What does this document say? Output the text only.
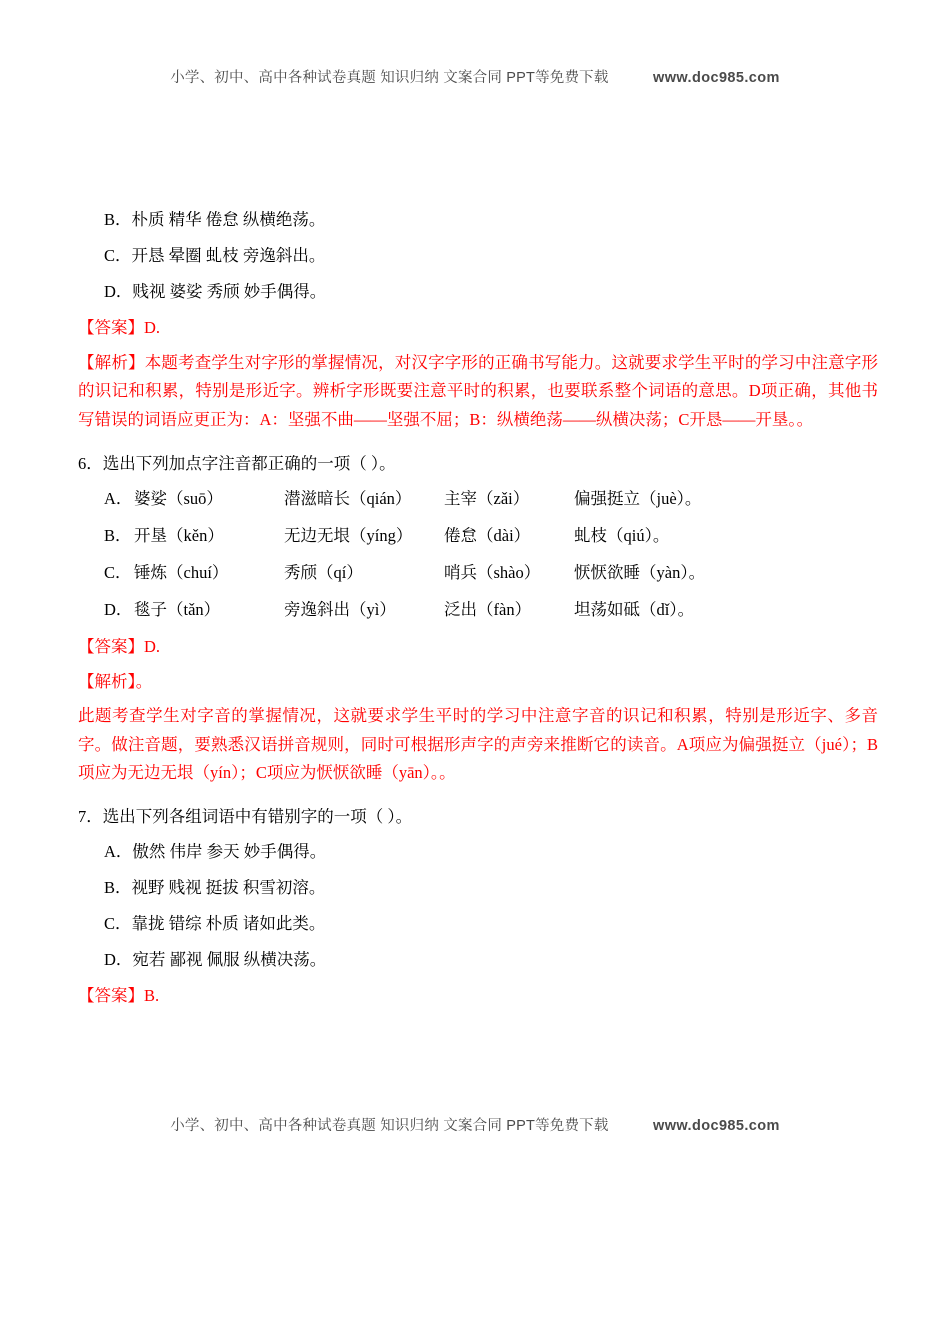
小学、初中、高中各种试卷真题 知识归纳 文案合同 PPT等免费下载	www.doc985.com
B．朴质 精华 倦怠 纵横绝荡。
C．开恳 晕圈 虬枝 旁逸斜出。
D．贱视 婆娑 秀颀 妙手偶得。
【答案】D.
【解析】本题考查学生对字形的掌握情况，对汉字字形的正确书写能力。这就要求学生平时的学习中注意字形的识记和积累，特别是形近字。辨析字形既要注意平时的积累，也要联系整个词语的意思。D项正确，其他书写错误的词语应更正为：A：坚强不曲——坚强不屈；B：纵横绝荡——纵横决荡；C开恳——开垦。。
6．选出下列加点字注音都正确的一项（ ）。
A．婆娑（suō）	潜滋暗长（qián） 主宰（zǎi）	偏强挺立（juè）。
B． 开垦（kěn）	无边无垠（yíng） 倦怠（dài）	虬枝（qiú）。
C． 锤炼（chuí）	秀颀（qí）	哨兵（shào） 恹恹欲睡（yàn）。
D．毯子（tǎn）	旁逸斜出（yì）	泛出（fàn）	坦荡如砥（dǐ）。
【答案】D.
【解析】。
此题考查学生对字音的掌握情况，这就要求学生平时的学习中注意字音的识记和积累，特别是形近字、多音字。做注音题，要熟悉汉语拼音规则，同时可根据形声字的声旁来推断它的读音。A项应为偏强挺立（jué）；B项应为无边无垠（yín）；C项应为恹恹欲睡（yān）。。
7．选出下列各组词语中有错别字的一项（ ）。
A．傲然 伟岸 参天 妙手偶得。
B．视野 贱视 挺拔 积雪初溶。
C．靠拢 错综 朴质 诸如此类。
D．宛若 鄙视 佩服 纵横决荡。
【答案】B.
小学、初中、高中各种试卷真题 知识归纳 文案合同 PPT等免费下载	www.doc985.com
